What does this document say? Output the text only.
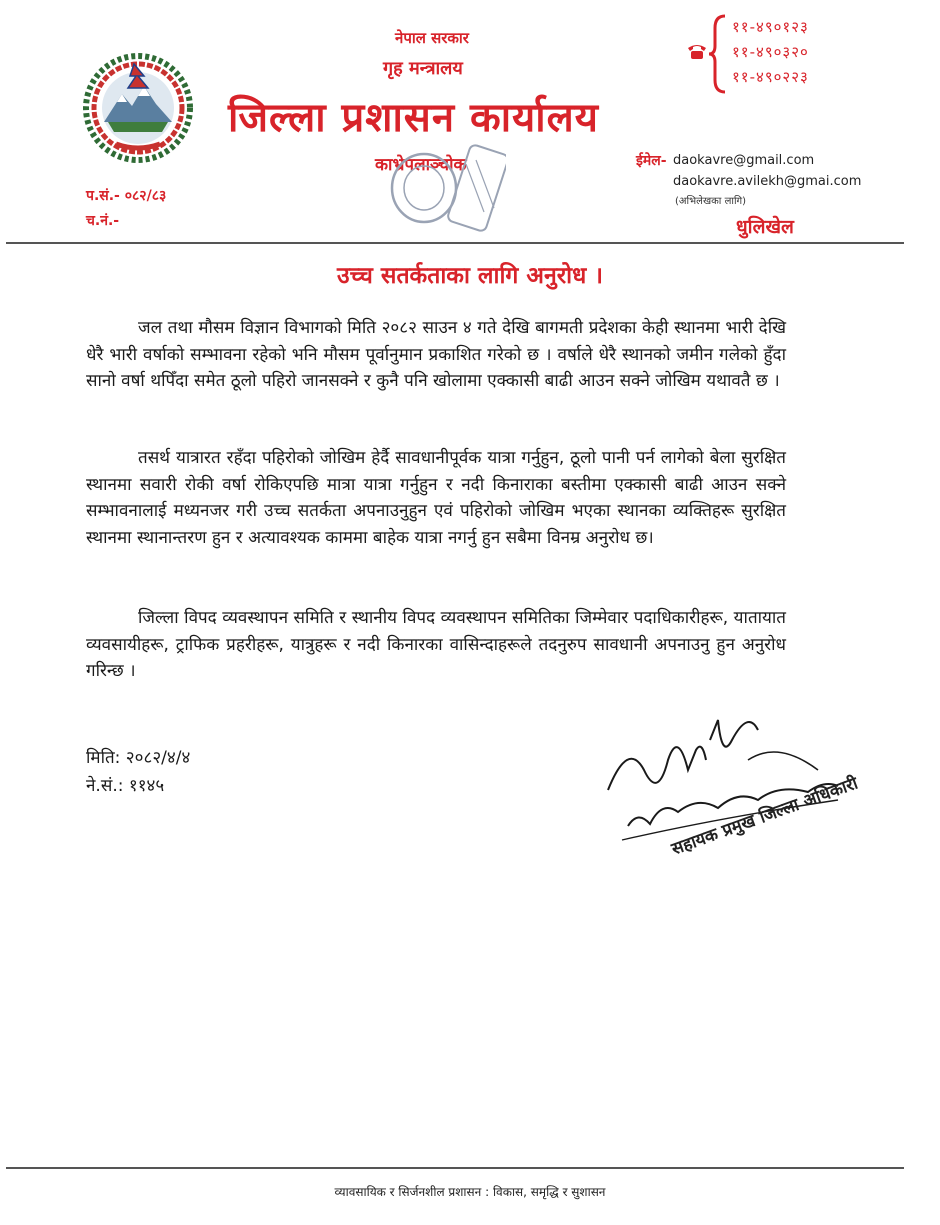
नेपाल सरकार
गृह मन्त्रालय
जिल्ला प्रशासन कार्यालय
काभ्रेपलाञ्चोक
११-४९०१२३
११-४९०३२०
११-४९०२२३
ईमेल- daokavre@gmail.com
daokavre.avilekh@gmai.com
(अभिलेखका लागि)
धुलिखेल
प.सं.- ०८२/८३
च.नं.-
उच्च सतर्कताका लागि अनुरोध ।
जल तथा मौसम विज्ञान विभागको मिति २०८२ साउन ४ गते देखि बागमती प्रदेशका केही स्थानमा भारी देखि धेरै भारी वर्षाको सम्भावना रहेको भनि मौसम पूर्वानुमान प्रकाशित गरेको छ । वर्षाले धेरै स्थानको जमीन गलेको हुँदा सानो वर्षा थपिँदा समेत ठूलो पहिरो जानसक्ने र कुनै पनि खोलामा एक्कासी बाढी आउन सक्ने जोखिम यथावतै छ ।
तसर्थ यात्रारत रहँदा पहिरोको जोखिम हेर्दै सावधानीपूर्वक यात्रा गर्नुहुन, ठूलो पानी पर्न लागेको बेला सुरक्षित स्थानमा सवारी रोकी वर्षा रोकिएपछि मात्रा यात्रा गर्नुहुन र नदी किनाराका बस्तीमा एक्कासी बाढी आउन सक्ने सम्भावनालाई मध्यनजर गरी उच्च सतर्कता अपनाउनुहुन एवं पहिरोको जोखिम भएका स्थानका व्यक्तिहरू सुरक्षित स्थानमा स्थानान्तरण हुन र अत्यावश्यक काममा बाहेक यात्रा नगर्नु हुन सबैमा विनम्र अनुरोध छ।
जिल्ला विपद व्यवस्थापन समिति र स्थानीय विपद व्यवस्थापन समितिका जिम्मेवार पदाधिकारीहरू, यातायात व्यवसायीहरू, ट्राफिक प्रहरीहरू, यात्रुहरू र नदी किनारका वासिन्दाहरूले तदनुरुप सावधानी अपनाउनु हुन अनुरोध गरिन्छ ।
मिति: २०८२/४/४
ने.सं.: ११४५	सहायक प्रमुख जिल्ला अधिकारी
व्यावसायिक र सिर्जनशील प्रशासन : विकास, समृद्धि र सुशासन
